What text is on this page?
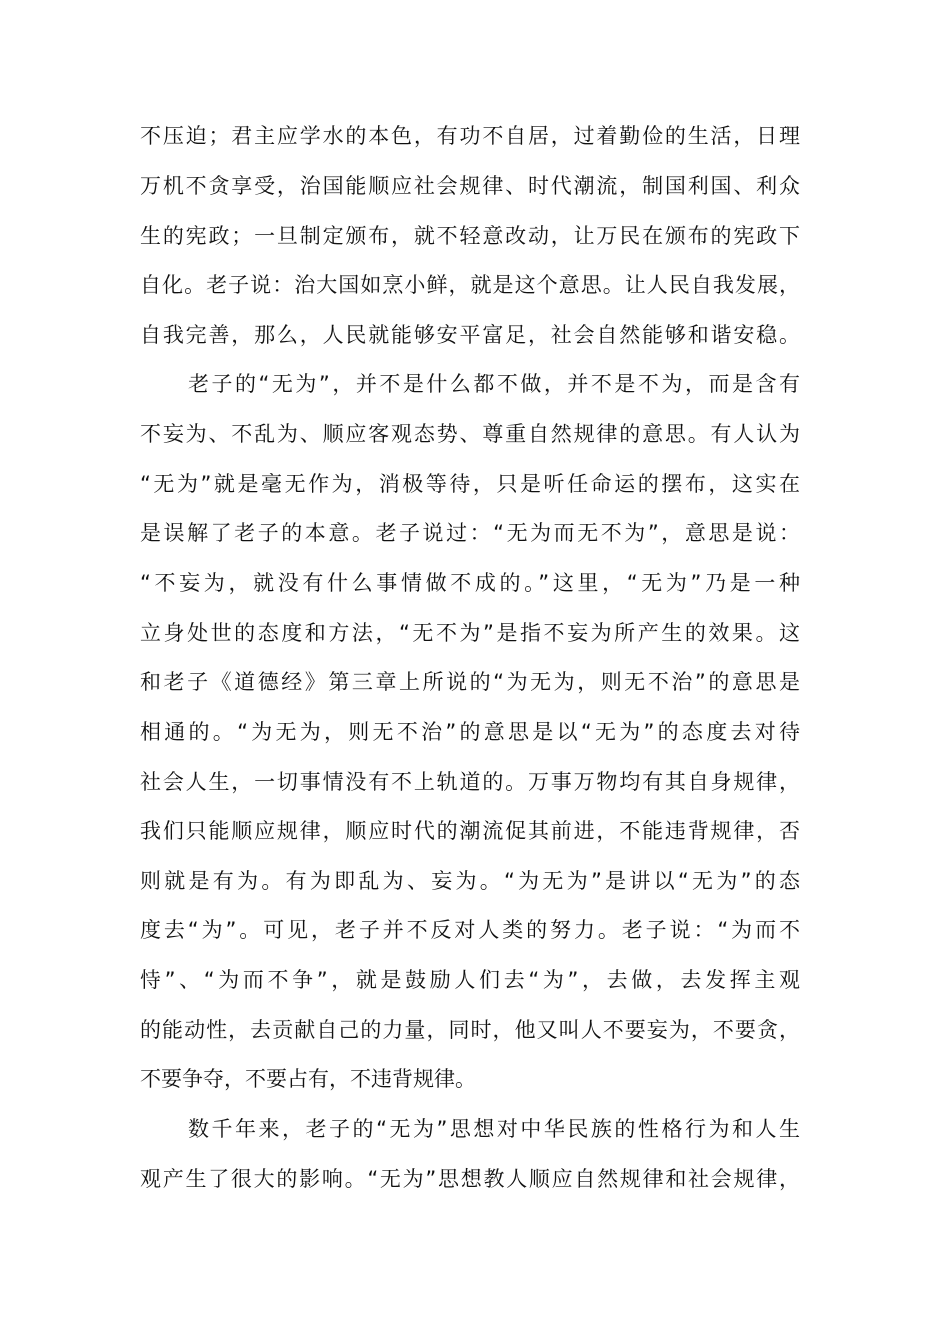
不压迫；君主应学水的本色，有功不自居，过着勤俭的生活，日理
万机不贪享受，治国能顺应社会规律、时代潮流，制国利国、利众
生的宪政；一旦制定颁布，就不轻意改动，让万民在颁布的宪政下
自化。老子说：治大国如烹小鲜，就是这个意思。让人民自我发展，
自我完善，那么，人民就能够安平富足，社会自然能够和谐安稳。
老子的“无为”，并不是什么都不做，并不是不为，而是含有
不妄为、不乱为、顺应客观态势、尊重自然规律的意思。有人认为
“无为”就是毫无作为，消极等待，只是听任命运的摆布，这实在
是误解了老子的本意。老子说过：“无为而无不为”，意思是说：
“不妄为，就没有什么事情做不成的。”这里，“无为”乃是一种
立身处世的态度和方法，“无不为”是指不妄为所产生的效果。这
和老子《道德经》第三章上所说的“为无为，则无不治”的意思是
相通的。“为无为，则无不治”的意思是以“无为”的态度去对待
社会人生，一切事情没有不上轨道的。万事万物均有其自身规律，
我们只能顺应规律，顺应时代的潮流促其前进，不能违背规律，否
则就是有为。有为即乱为、妄为。“为无为”是讲以“无为”的态
度去“为”。可见，老子并不反对人类的努力。老子说：“为而不
恃”、“为而不争”，就是鼓励人们去“为”，去做，去发挥主观
的能动性，去贡献自己的力量，同时，他又叫人不要妄为，不要贪，
不要争夺，不要占有，不违背规律。
数千年来，老子的“无为”思想对中华民族的性格行为和人生
观产生了很大的影响。“无为”思想教人顺应自然规律和社会规律，
